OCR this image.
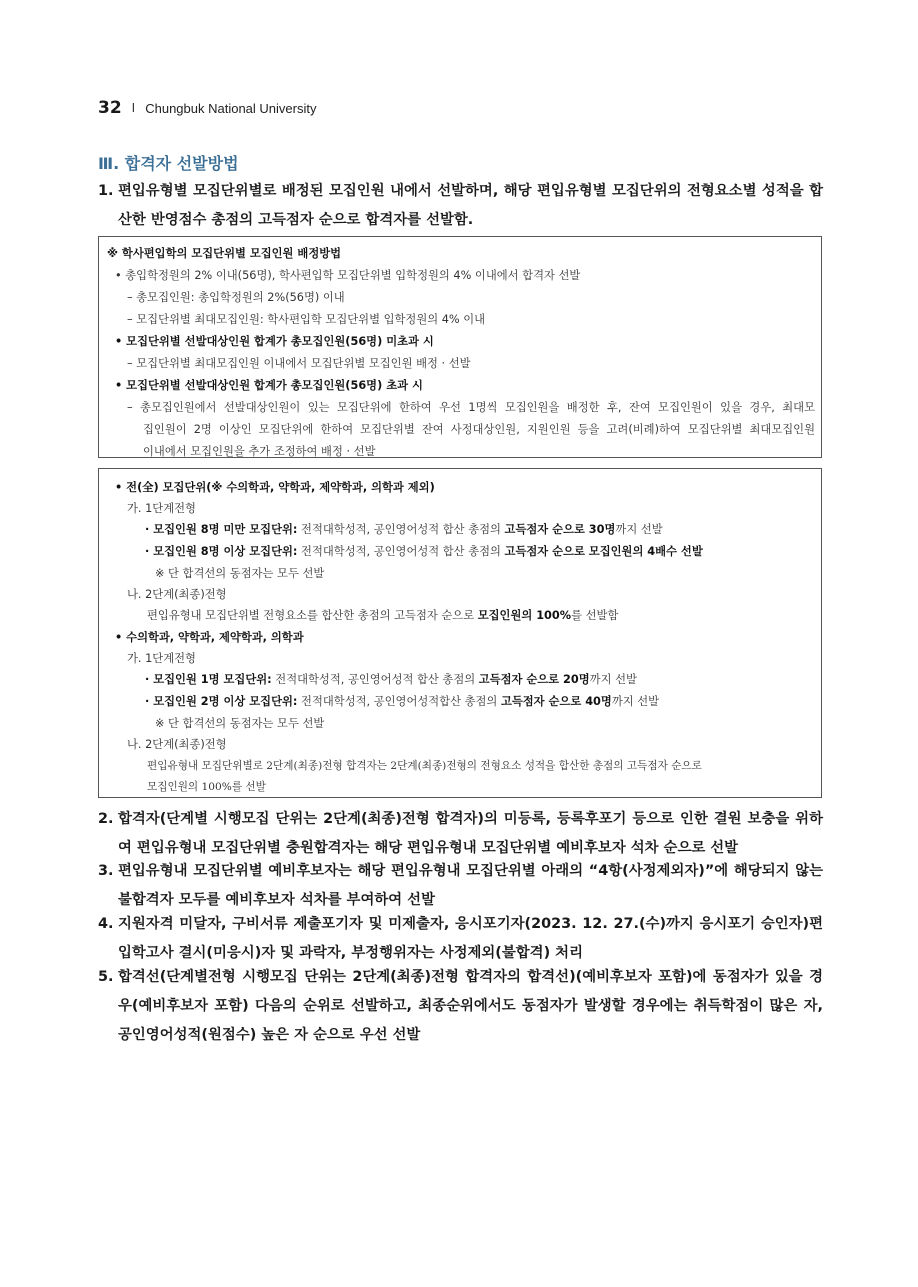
32 I Chungbuk National University
Ⅲ. 합격자 선발방법
1. 편입유형별 모집단위별로 배정된 모집인원 내에서 선발하며, 해당 편입유형별 모집단위의 전형요소별 성적을 합산한 반영점수 총점의 고득점자 순으로 합격자를 선발함.
※ 학사편입학의 모집단위별 모집인원 배정방법
• 총입학정원의 2% 이내(56명), 학사편입학 모집단위별 입학정원의 4% 이내에서 합격자 선발
– 총모집인원: 총입학정원의 2%(56명) 이내
– 모집단위별 최대모집인원: 학사편입학 모집단위별 입학정원의 4% 이내
• 모집단위별 선발대상인원 합계가 총모집인원(56명) 미초과 시
– 모집단위별 최대모집인원 이내에서 모집단위별 모집인원 배정 · 선발
• 모집단위별 선발대상인원 합계가 총모집인원(56명) 초과 시
– 총모집인원에서 선발대상인원이 있는 모집단위에 한하여 우선 1명씩 모집인원을 배정한 후, 잔여 모집인원이 있을 경우, 최대모
집인원이 2명 이상인 모집단위에 한하여 모집단위별 잔여 사정대상인원, 지원인원 등을 고려(비례)하여 모집단위별 최대모집인원
이내에서 모집인원을 추가 조정하여 배정 · 선발
• 전(全) 모집단위(※ 수의학과, 약학과, 제약학과, 의학과 제외)
가. 1단계전형
· 모집인원 8명 미만 모집단위: 전적대학성적, 공인영어성적 합산 총점의 고득점자 순으로 30명까지 선발
· 모집인원 8명 이상 모집단위: 전적대학성적, 공인영어성적 합산 총점의 고득점자 순으로 모집인원의 4배수 선발
※ 단 합격선의 동점자는 모두 선발
나. 2단계(최종)전형
편입유형내 모집단위별 전형요소를 합산한 총점의 고득점자 순으로 모집인원의 100%를 선발함
• 수의학과, 약학과, 제약학과, 의학과
가. 1단계전형
· 모집인원 1명 모집단위: 전적대학성적, 공인영어성적 합산 총점의 고득점자 순으로 20명까지 선발
· 모집인원 2명 이상 모집단위: 전적대학성적, 공인영어성적합산 총점의 고득점자 순으로 40명까지 선발
※ 단 합격선의 동점자는 모두 선발
나. 2단계(최종)전형
편입유형내 모집단위별로 2단계(최종)전형 합격자는 2단계(최종)전형의 전형요소 성적을 합산한 총점의 고득점자 순으로
모집인원의 100%를 선발
2. 합격자(단계별 시행모집 단위는 2단계(최종)전형 합격자)의 미등록, 등록후포기 등으로 인한 결원 보충을 위하여 편입유형내 모집단위별 충원합격자는 해당 편입유형내 모집단위별 예비후보자 석차 순으로 선발
3. 편입유형내 모집단위별 예비후보자는 해당 편입유형내 모집단위별 아래의 “4항(사정제외자)”에 해당되지 않는 불합격자 모두를 예비후보자 석차를 부여하여 선발
4. 지원자격 미달자, 구비서류 제출포기자 및 미제출자, 응시포기자(2023. 12. 27.(수)까지 응시포기 승인자)편입학고사 결시(미응시)자 및 과락자, 부정행위자는 사정제외(불합격) 처리
5. 합격선(단계별전형 시행모집 단위는 2단계(최종)전형 합격자의 합격선)(예비후보자 포함)에 동점자가 있을 경우(예비후보자 포함) 다음의 순위로 선발하고, 최종순위에서도 동점자가 발생할 경우에는 취득학점이 많은 자, 공인영어성적(원점수) 높은 자 순으로 우선 선발
